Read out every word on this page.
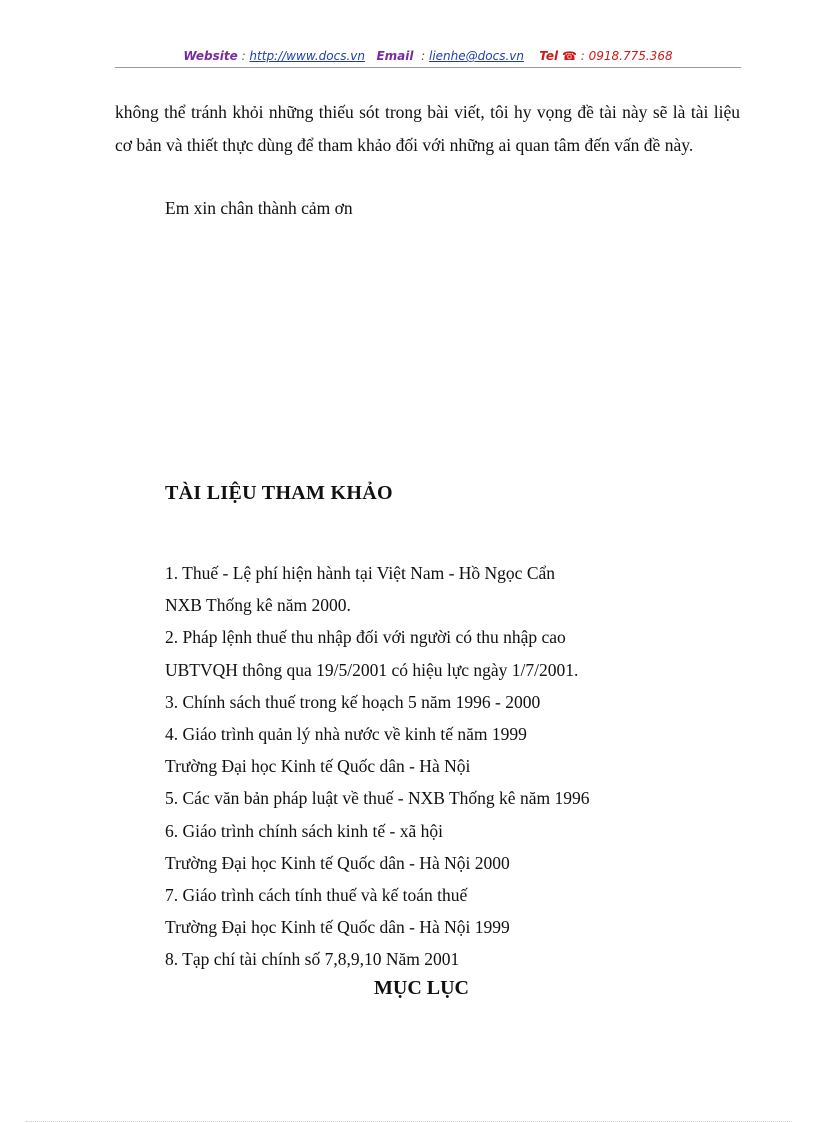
Website : http://www.docs.vn Email  : lienhe@docs.vn Tel ☎ : 0918.775.368

không thể tránh khỏi những thiếu sót trong bài viết, tôi hy vọng đề tài này sẽ là tài liệu cơ bản và thiết thực dùng để tham khảo đối với những ai quan tâm đến vấn đề này.

Em xin chân thành cảm ơn

TÀI LIỆU THAM KHẢO
1. Thuế - Lệ phí hiện hành tại Việt Nam - Hồ Ngọc Cẩn
NXB Thống kê năm 2000.
2. Pháp lệnh thuế thu nhập đối với người có thu nhập cao
UBTVQH thông qua 19/5/2001 có hiệu lực ngày 1/7/2001.
3. Chính sách thuế trong kế hoạch 5 năm 1996 - 2000
4. Giáo trình quản lý nhà nước về kinh tế năm 1999
Trường Đại học Kinh tế Quốc dân - Hà Nội
5. Các văn bản pháp luật về thuế - NXB Thống kê năm 1996
6. Giáo trình chính sách kinh tế - xã hội
Trường Đại học Kinh tế Quốc dân - Hà Nội 2000
7. Giáo trình cách tính thuế và kế toán thuế
Trường Đại học Kinh tế Quốc dân - Hà Nội 1999
8. Tạp chí tài chính số 7,8,9,10 Năm 2001
MỤC LỤC
